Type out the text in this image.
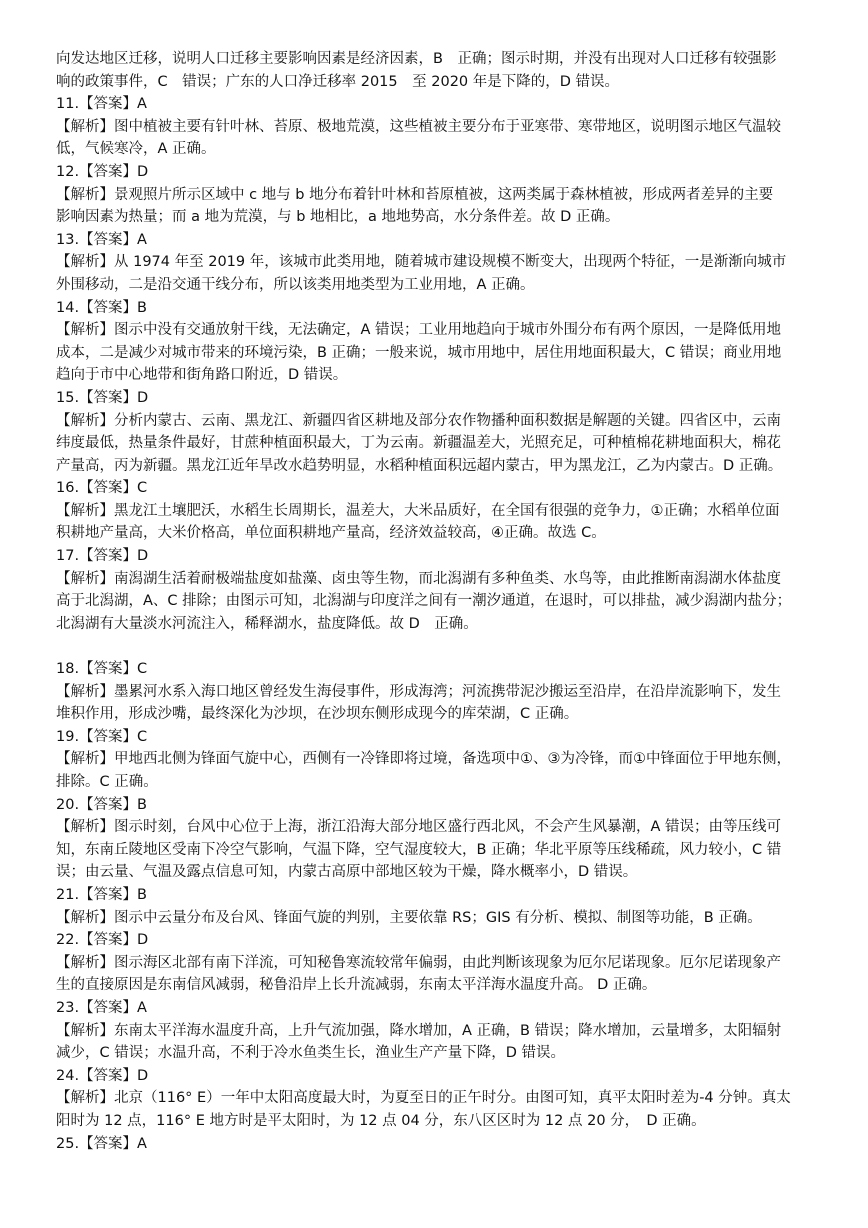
向发达地区迁移，说明人口迁移主要影响因素是经济因素，B　正确；图示时期，并没有出现对人口迁移有较强影

响的政策事件，C　错误；广东的人口净迁移率 2015　至 2020 年是下降的，D 错误。

11.【答案】A

【解析】图中植被主要有针叶林、苔原、极地荒漠，这些植被主要分布于亚寒带、寒带地区，说明图示地区气温较

低，气候寒冷，A 正确。

12.【答案】D

【解析】景观照片所示区域中 c 地与 b 地分布着针叶林和苔原植被，这两类属于森林植被，形成两者差异的主要

影响因素为热量；而 a 地为荒漠，与 b 地相比，a 地地势高，水分条件差。故 D 正确。

13.【答案】A

【解析】从 1974 年至 2019 年，该城市此类用地，随着城市建设规模不断变大，出现两个特征，一是渐渐向城市

外围移动，二是沿交通干线分布，所以该类用地类型为工业用地，A 正确。

14.【答案】B

【解析】图示中没有交通放射干线，无法确定，A 错误；工业用地趋向于城市外围分布有两个原因，一是降低用地

成本，二是减少对城市带来的环境污染，B 正确；一般来说，城市用地中，居住用地面积最大，C 错误；商业用地

趋向于市中心地带和街角路口附近，D 错误。

15.【答案】D

【解析】分析内蒙古、云南、黑龙江、新疆四省区耕地及部分农作物播种面积数据是解题的关键。四省区中，云南

纬度最低，热量条件最好，甘蔗种植面积最大，丁为云南。新疆温差大，光照充足，可种植棉花耕地面积大，棉花

产量高，丙为新疆。黑龙江近年旱改水趋势明显，水稻种植面积远超内蒙古，甲为黑龙江，乙为内蒙古。D 正确。

16.【答案】C

【解析】黑龙江土壤肥沃，水稻生长周期长，温差大，大米品质好，在全国有很强的竞争力，①正确；水稻单位面

积耕地产量高，大米价格高，单位面积耕地产量高，经济效益较高，④正确。故选 C。

17.【答案】D

【解析】南潟湖生活着耐极端盐度如盐藻、卤虫等生物，而北潟湖有多种鱼类、水鸟等，由此推断南潟湖水体盐度

高于北潟湖，A、C 排除；由图示可知，北潟湖与印度洋之间有一潮汐通道，在退时，可以排盐，减少潟湖内盐分；

北潟湖有大量淡水河流注入，稀释湖水，盐度降低。故 D　正确。

18.【答案】C

【解析】墨累河水系入海口地区曾经发生海侵事件，形成海湾；河流携带泥沙搬运至沿岸，在沿岸流影响下，发生

堆积作用，形成沙嘴，最终深化为沙坝，在沙坝东侧形成现今的库荣湖，C 正确。

19.【答案】C

【解析】甲地西北侧为锋面气旋中心，西侧有一冷锋即将过境，备选项中①、③为冷锋，而①中锋面位于甲地东侧，

排除。C 正确。

20.【答案】B

【解析】图示时刻，台风中心位于上海，浙江沿海大部分地区盛行西北风，不会产生风暴潮，A 错误；由等压线可

知，东南丘陵地区受南下冷空气影响，气温下降，空气湿度较大，B 正确；华北平原等压线稀疏，风力较小，C 错

误；由云量、气温及露点信息可知，内蒙古高原中部地区较为干燥，降水概率小，D 错误。

21.【答案】B

【解析】图示中云量分布及台风、锋面气旋的判别，主要依靠 RS；GIS 有分析、模拟、制图等功能，B 正确。

22.【答案】D

【解析】图示海区北部有南下洋流，可知秘鲁寒流较常年偏弱，由此判断该现象为厄尔尼诺现象。厄尔尼诺现象产

生的直接原因是东南信风减弱，秘鲁沿岸上长升流减弱，东南太平洋海水温度升高。 D 正确。

23.【答案】A

【解析】东南太平洋海水温度升高，上升气流加强，降水增加，A 正确，B 错误；降水增加，云量增多，太阳辐射

减少，C 错误；水温升高，不利于冷水鱼类生长，渔业生产产量下降，D 错误。

24.【答案】D

【解析】北京（116° E）一年中太阳高度最大时，为夏至日的正午时分。由图可知，真平太阳时差为-4 分钟。真太

阳时为 12 点，116° E 地方时是平太阳时，为 12 点 04 分，东八区区时为 12 点 20 分，　D 正确。

25.【答案】A
